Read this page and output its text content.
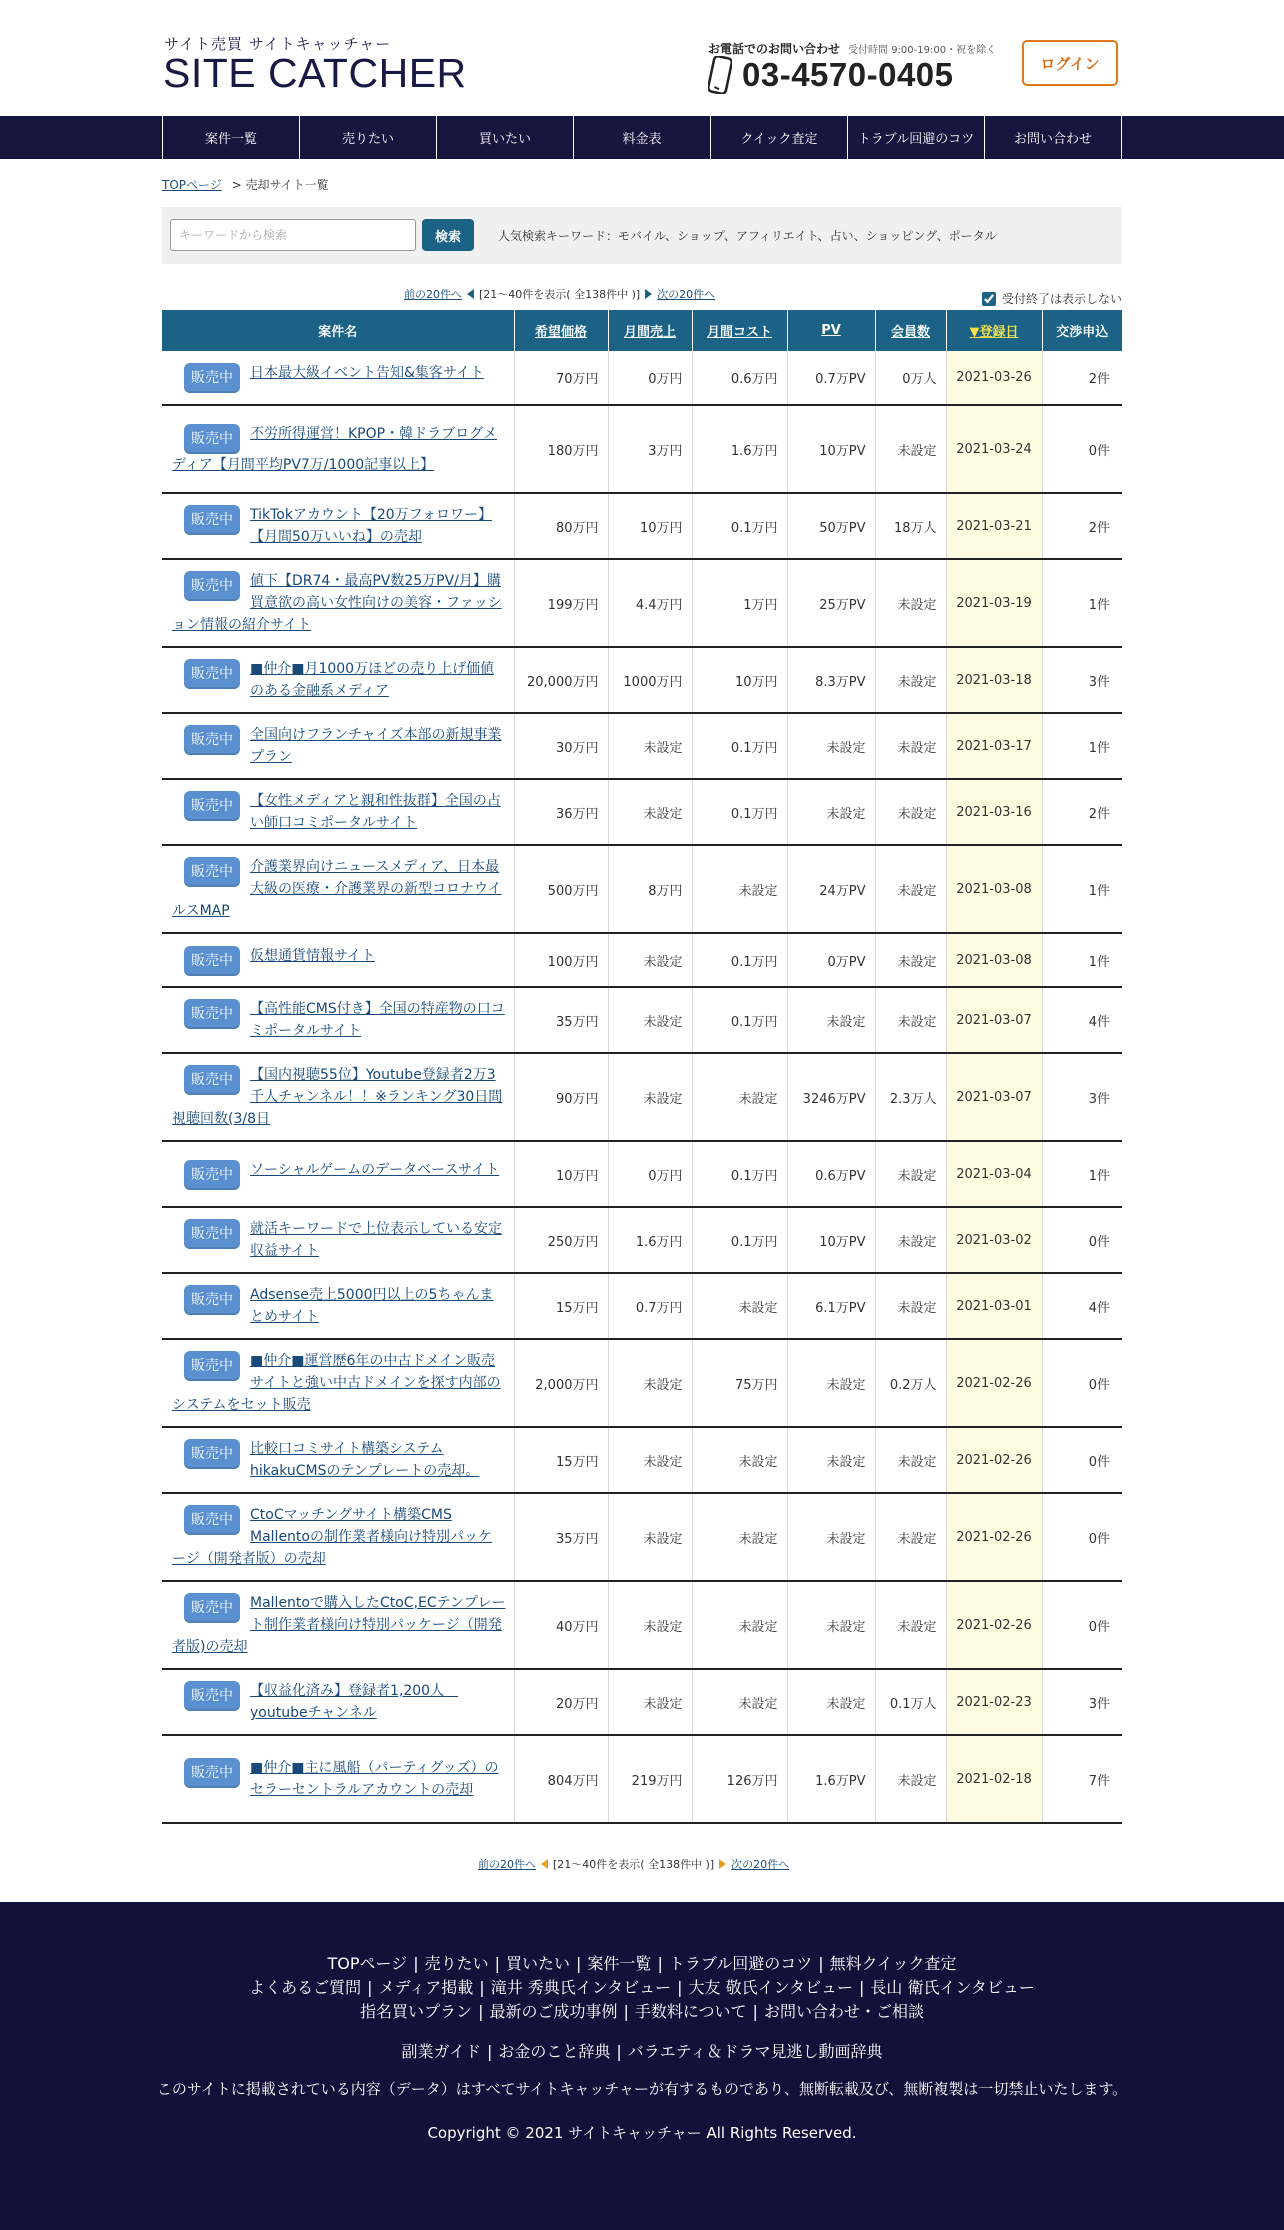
サイト売買 サイトキャッチャー
SITE CATCHER
お電話でのお問い合わせ 受付時間 9:00-19:00・祝を除く
03-4570-0405	ログイン
案件一覧	売りたい	買いたい	料金表	クイック査定	トラブル回避のコツ	お問い合わせ
TOPページ > 売却サイト一覧
キーワードから検索
検索	人気検索キーワード：モバイル、ショップ、アフィリエイト、占い、ショッピング、ポータル
前の20件へ [21～40件を表示( 全138件中 )] 次の20件へ	受付終了は表示しない
案件名	希望価格	月間売上	月間コスト	PV	会員数	▼登録日	交渉申込

販売中 日本最大級イベント告知&集客サイト	70万円	0万円	0.6万円	0.7万PV	0万人	2021-03-26	2件

販売中 不労所得運営！KPOP・韓ドラブログメディア【月間平均PV7万/1000記事以上】	180万円	3万円	1.6万円	10万PV	未設定	2021-03-24	0件

販売中 TikTokアカウント【20万フォロワー】【月間50万いいね】の売却	80万円	10万円	0.1万円	50万PV	18万人	2021-03-21	2件

販売中 値下【DR74・最高PV数25万PV/月】購買意欲の高い女性向けの美容・ファッション情報の紹介サイト	199万円	4.4万円	1万円	25万PV	未設定	2021-03-19	1件

販売中 ■仲介■月1000万ほどの売り上げ価値のある金融系メディア	20,000万円	1000万円	10万円	8.3万PV	未設定	2021-03-18	3件

販売中 全国向けフランチャイズ本部の新規事業プラン	30万円	未設定	0.1万円	未設定	未設定	2021-03-17	1件

販売中 【女性メディアと親和性抜群】全国の占い師口コミポータルサイト	36万円	未設定	0.1万円	未設定	未設定	2021-03-16	2件

販売中 介護業界向けニュースメディア、日本最大級の医療・介護業界の新型コロナウイルスMAP	500万円	8万円	未設定	24万PV	未設定	2021-03-08	1件

販売中 仮想通貨情報サイト	100万円	未設定	0.1万円	0万PV	未設定	2021-03-08	1件

販売中 【高性能CMS付き】全国の特産物の口コミポータルサイト	35万円	未設定	0.1万円	未設定	未設定	2021-03-07	4件

販売中 【国内視聴55位】Youtube登録者2万3千人チャンネル！！※ランキング30日間視聴回数(3/8日	90万円	未設定	未設定	3246万PV	2.3万人	2021-03-07	3件

販売中 ソーシャルゲームのデータベースサイト	10万円	0万円	0.1万円	0.6万PV	未設定	2021-03-04	1件

販売中 就活キーワードで上位表示している安定収益サイト	250万円	1.6万円	0.1万円	10万PV	未設定	2021-03-02	0件

販売中 Adsense売上5000円以上の5ちゃんまとめサイト	15万円	0.7万円	未設定	6.1万PV	未設定	2021-03-01	4件

販売中 ■仲介■運営歴6年の中古ドメイン販売サイトと強い中古ドメインを探す内部のシステムをセット販売	2,000万円	未設定	75万円	未設定	0.2万人	2021-02-26	0件

販売中 比較口コミサイト構築システムhikakuCMSのテンプレートの売却。	15万円	未設定	未設定	未設定	未設定	2021-02-26	0件

販売中 CtoCマッチングサイト構築CMS Mallentoの制作業者様向け特別パッケージ（開発者版）の売却	35万円	未設定	未設定	未設定	未設定	2021-02-26	0件

販売中 Mallentoで購入したCtoC,ECテンプレート制作業者様向け特別パッケージ（開発者版)の売却	40万円	未設定	未設定	未設定	未設定	2021-02-26	0件

販売中 【収益化済み】登録者1,200人　youtubeチャンネル	20万円	未設定	未設定	未設定	0.1万人	2021-02-23	3件

販売中 ■仲介■主に風船（パーティグッズ）のセラーセントラルアカウントの売却	804万円	219万円	126万円	1.6万PV	未設定	2021-02-18	7件
前の20件へ [21～40件を表示( 全138件中 )] 次の20件へ
TOPページ | 売りたい | 買いたい | 案件一覧 | トラブル回避のコツ | 無料クイック査定
よくあるご質問 | メディア掲載 | 滝井 秀典氏インタビュー | 大友 敬氏インタビュー | 長山 衛氏インタビュー
指名買いプラン | 最新のご成功事例 | 手数料について | お問い合わせ・ご相談
副業ガイド | お金のこと辞典 | バラエティ＆ドラマ見逃し動画辞典
このサイトに掲載されている内容（データ）はすべてサイトキャッチャーが有するものであり、無断転載及び、無断複製は一切禁止いたします。
Copyright © 2021 サイトキャッチャー All Rights Reserved.
